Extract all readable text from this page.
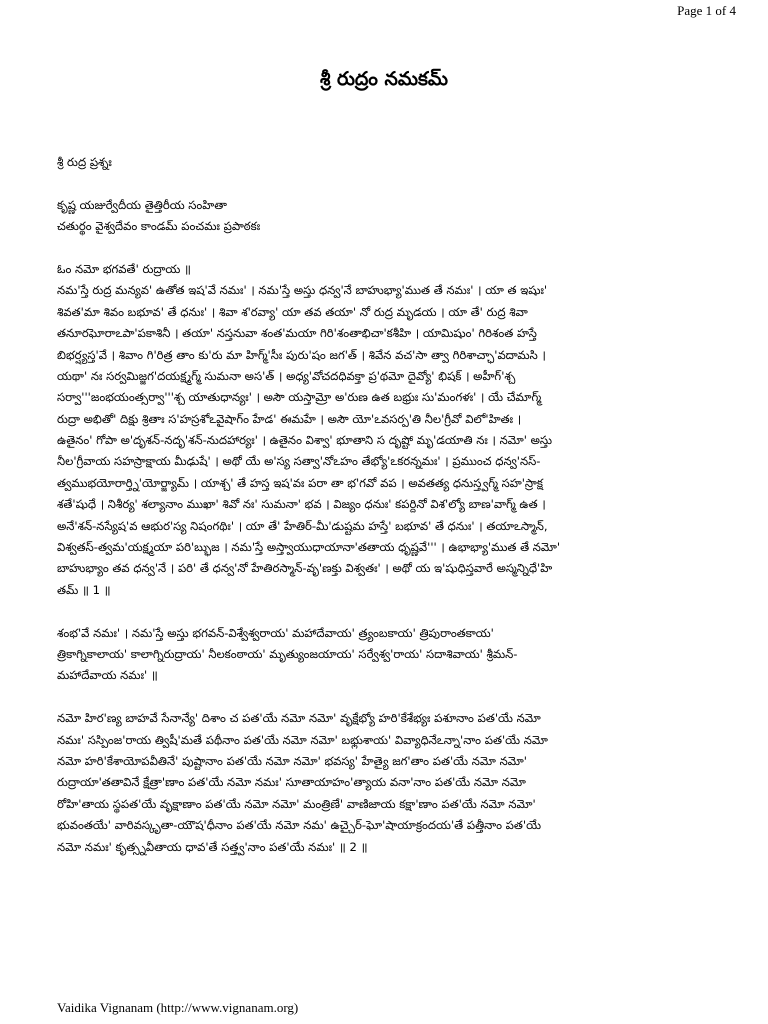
Page 1 of 4
శ్రీ రుద్రం నమకమ్
శ్రీ రుద్ర ప్రశ్నః
కృష్ణ యజుర్వేదీయ తైత్తిరీయ సంహితా
చతుర్థం వైశ్వదేవం కాండమ్ పంచమః ప్రపాఠకః
ఓం నమో భగవతే' రుద్రాయ ॥
నమ'స్తే రుద్ర మన్యవ' ఉతోత ఇష'వే నమః' । నమ'స్తే అస్తు ధన్వ'నే బాహుభ్యా'ముత తే నమః' । యా త ఇషుః'
శివత'మా శివం బభూవ' తే ధనుః' । శివా శ'రవ్యా' యా తవ తయా' నో రుద్ర మృడయ । యా తే' రుద్ర శివా
తనూరఘోరాఽపా'పకాశినీ । తయా' నస్తనువా శంత'మయా గిరి'శంతాభిచా'కశీహి । యామిషుం' గిరిశంత హస్తే
బిభర్ష్యస్త'వే । శివాం గి'రిత్ర తాం కు'రు మా హిగ్మ్'సీః పురు'షం జగ'త్ । శివేన వచ'సా త్వా గిరిశాచ్ఛా'వదామసి ।
యథా' నః సర్వమిజ్జగ'దయక్ష్మగ్మ్ సుమనా అస'త్ । అధ్య'వోచదధివక్తా ప్ర'థమో దైవ్యో' భిషక్ । అహీగ్'శ్చ
సర్వా'''జంభయంత్సర్వా'''శ్చ యాతుధాన్యః' । అసౌ యస్తామ్రో అ'రుణ ఉత బభ్రుః సు'మంగళః' । యే చేమాగ్మ్
రుద్రా అభితో' దిక్షు శ్రితాః స'హస్రశోఽవైషాగ్ం హేడ' ఈమహే । అసౌ యో'ఽవసర్ప'తి నీల'గ్రీవో విలో'హితః ।
ఉతైనం' గోపా అ'దృశన్-నదృ'శన్-నుదహార్యః' । ఉతైనం విశ్వా' భూతాని స దృష్టో మృ'డయాతి నః । నమో' అస్తు
నీల'గ్రీవాయ సహస్రాక్షాయ మీఢుషే' । అథో యే అ'స్య సత్వా'నోఽహం తేభ్యో'ఽకరన్నమః' । ప్రముంచ ధన్వ'నస్-
త్వముభయోరార్త్ని'యోర్జ్యామ్ । యాశ్చ' తే హస్త ఇష'వః పరా తా భ'గవో వప । అవతత్య ధనుస్త్వగ్మ్ సహ'స్రాక్ష
శతే'షుధే । నిశీర్య' శల్యానాం ముఖా' శివో నః' సుమనా' భవ । విజ్యం ధనుః' కపర్దినో విశ'ల్యో బాణ'వాగ్మ్ ఉత ।
అనే'శన్-నస్యేష'వ ఆభుర'స్య నిషంగథిః' । యా తే' హేతిర్-మీ'డుష్టమ హస్తే' బభూవ' తే ధనుః' । తయాఽస్మాన్,
విశ్వతస్-త్వమ'యక్ష్మయా పరి'బ్భుజ । నమ'స్తే అస్త్వాయుధాయానా'తతాయ ధృష్ణవే''' । ఉభాభ్యా'ముత తే నమో'
బాహుభ్యాం తవ ధన్వ'నే । పరి' తే ధన్వ'నో హేతిరస్మాన్-వృ'ణక్తు విశ్వతః' । అథో య ఇ'షుధిస్తవారే అస్మన్నిధే'హి
తమ్ ॥ 1 ॥
శంభ'వే నమః' । నమ'స్తే అస్తు భగవన్-విశ్వేశ్వరాయ' మహాదేవాయ' త్ర్యంబకాయ' త్రిపురాంతకాయ'
త్రికాగ్నికాలాయ' కాలాగ్నిరుద్రాయ' నీలకంఠాయ' మృత్యుంజయాయ' సర్వేశ్వ'రాయ' సదాశివాయ' శ్రీమన్-
మహాదేవాయ నమః' ॥
నమో హిర'ణ్య బాహవే సేనాన్యే' దిశాం చ పత'యే నమో నమో' వృక్షేభ్యో హరి'కేశేభ్యః పశూనాం పత'యే నమో
నమః' సస్పింజ'రాయ త్విషీ'మతే పథీనాం పత'యే నమో నమో' బభ్లుశాయ' వివ్యాధినేఽన్నా'నాం పత'యే నమో
నమో హరి'కేశాయోపవీతినే' పుష్టానాం పత'యే నమో నమో' భవస్య' హేత్యై జగ'తాం పత'యే నమో నమో'
రుద్రాయా'తతావినే క్షేత్రా'ణాం పత'యే నమో నమః' సూతాయాహం'త్యాయ వనా'నాం పత'యే నమో నమో
రోహి'తాయ స్థపత'యే వృక్షాణాం పత'యే నమో నమో' మంత్రిణే' వాణిజాయ కక్షా'ణాం పత'యే నమో నమో'
భువంతయే' వారివస్కృతా-యౌష'ధీనాం పత'యే నమో నమ' ఉచ్చైర్-ఘో'షాయాక్రందయ'తే పత్తీనాం పత'యే
నమో నమః' కృత్స్నవీతాయ ధావ'తే సత్త్వ'నాం పత'యే నమః' ॥ 2 ॥
Vaidika Vignanam (http://www.vignanam.org)
